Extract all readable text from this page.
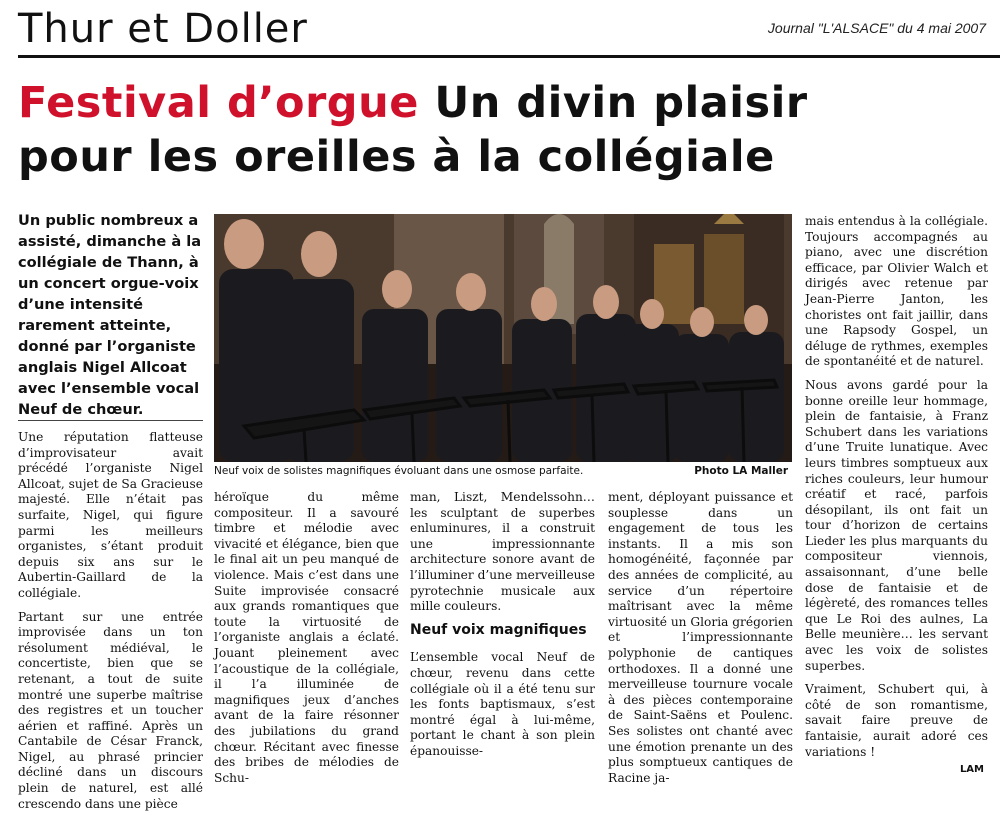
Thur et Doller	Journal "L'ALSACE" du 4 mai 2007
Festival d’orgue Un divin plaisir
pour les oreilles à la collégiale
Un public nombreux a assisté, dimanche à la collégiale de Thann, à un concert orgue-voix d’une intensité rarement atteinte, donné par l’organiste anglais Nigel Allcoat avec l’ensemble vocal Neuf de chœur.
Neuf voix de solistes magnifiques évoluant dans une osmose parfaite.	Photo LA Maller

Une réputation flatteuse d’improvisateur avait précédé l’organiste Nigel Allcoat, sujet de Sa Gracieuse majesté. Elle n’était pas surfaite, Nigel, qui figure parmi les meilleurs organistes, s’étant produit depuis six ans sur le Aubertin-Gaillard de la collégiale.

Partant sur une entrée improvisée dans un ton résolument médiéval, le concertiste, bien que se retenant, a tout de suite montré une superbe maîtrise des registres et un toucher aérien et raffiné. Après un Cantabile de César Franck, Nigel, au phrasé princier décliné dans un discours plein de naturel, est allé crescendo dans une pièce

héroïque du même compositeur. Il a savouré timbre et mélodie avec vivacité et élégance, bien que le final ait un peu manqué de violence. Mais c’est dans une Suite improvisée consacré aux grands romantiques que toute la virtuosité de l’organiste anglais a éclaté. Jouant pleinement avec l’acoustique de la collégiale, il l’a illuminée de magnifiques jeux d’anches avant de la faire résonner des jubilations du grand chœur. Récitant avec finesse des bribes de mélodies de Schu-

man, Liszt, Mendelssohn… les sculptant de superbes enluminures, il a construit une impressionnante architecture sonore avant de l’illuminer d’une merveilleuse pyrotechnie musicale aux mille couleurs.

Neuf voix magnifiques

L’ensemble vocal Neuf de chœur, revenu dans cette collégiale où il a été tenu sur les fonts baptismaux, s’est montré égal à lui-même, portant le chant à son plein épanouisse-

ment, déployant puissance et souplesse dans un engagement de tous les instants. Il a mis son homogénéité, façonnée par des années de complicité, au service d’un répertoire maîtrisant avec la même virtuosité un Gloria grégorien et l’impressionnante polyphonie de cantiques orthodoxes. Il a donné une merveilleuse tournure vocale à des pièces contemporaine de Saint-Saëns et Poulenc. Ses solistes ont chanté avec une émotion prenante un des plus somptueux cantiques de Racine ja-

mais entendus à la collégiale. Toujours accompagnés au piano, avec une discrétion efficace, par Olivier Walch et dirigés avec retenue par Jean-Pierre Janton, les choristes ont fait jaillir, dans une Rapsody Gospel, un déluge de rythmes, exemples de spontanéité et de naturel.

Nous avons gardé pour la bonne oreille leur hommage, plein de fantaisie, à Franz Schubert dans les variations d’une Truite lunatique. Avec leurs timbres somptueux aux riches couleurs, leur humour créatif et racé, parfois désopilant, ils ont fait un tour d’horizon de certains Lieder les plus marquants du compositeur viennois, assaisonnant, d’une belle dose de fantaisie et de légèreté, des romances telles que Le Roi des aulnes, La Belle meunière… les servant avec les voix de solistes superbes.

Vraiment, Schubert qui, à côté de son romantisme, savait faire preuve de fantaisie, aurait adoré ces variations !

LAM
